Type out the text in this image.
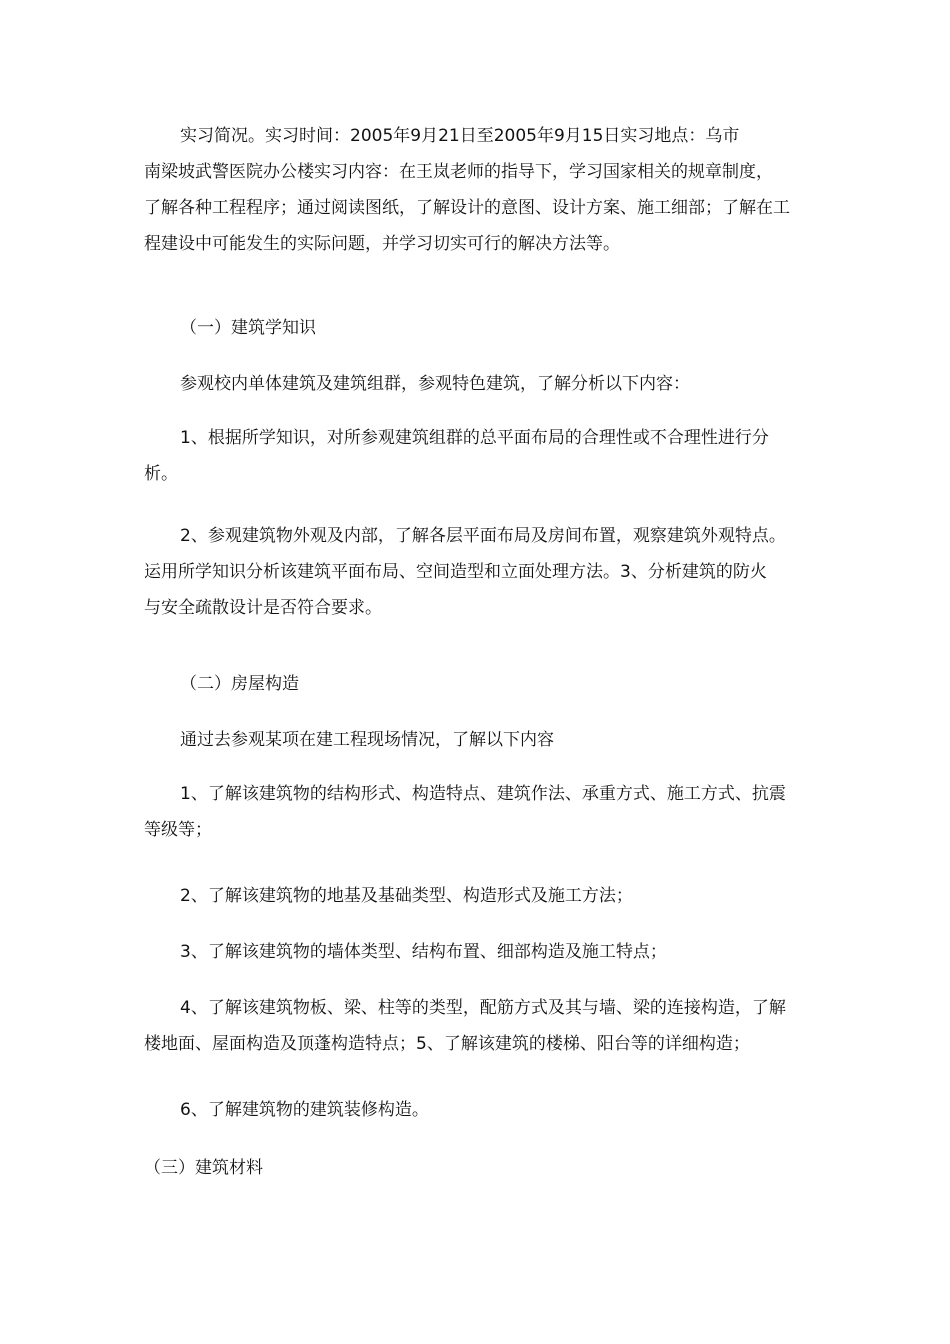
实习简况。实习时间：2005年9月21日至2005年9月15日实习地点：乌市
南梁坡武警医院办公楼实习内容：在王岚老师的指导下，学习国家相关的规章制度，
了解各种工程程序；通过阅读图纸，了解设计的意图、设计方案、施工细部；了解在工
程建设中可能发生的实际问题，并学习切实可行的解决方法等。

（一）建筑学知识

参观校内单体建筑及建筑组群，参观特色建筑，了解分析以下内容：

1、根据所学知识，对所参观建筑组群的总平面布局的合理性或不合理性进行分
析。

2、参观建筑物外观及内部，了解各层平面布局及房间布置，观察建筑外观特点。
运用所学知识分析该建筑平面布局、空间造型和立面处理方法。3、分析建筑的防火
与安全疏散设计是否符合要求。

（二）房屋构造

通过去参观某项在建工程现场情况，了解以下内容

1、了解该建筑物的结构形式、构造特点、建筑作法、承重方式、施工方式、抗震
等级等；

2、了解该建筑物的地基及基础类型、构造形式及施工方法；

3、了解该建筑物的墙体类型、结构布置、细部构造及施工特点；

4、了解该建筑物板、梁、柱等的类型，配筋方式及其与墙、梁的连接构造，了解
楼地面、屋面构造及顶蓬构造特点；5、了解该建筑的楼梯、阳台等的详细构造；

6、了解建筑物的建筑装修构造。

（三）建筑材料
